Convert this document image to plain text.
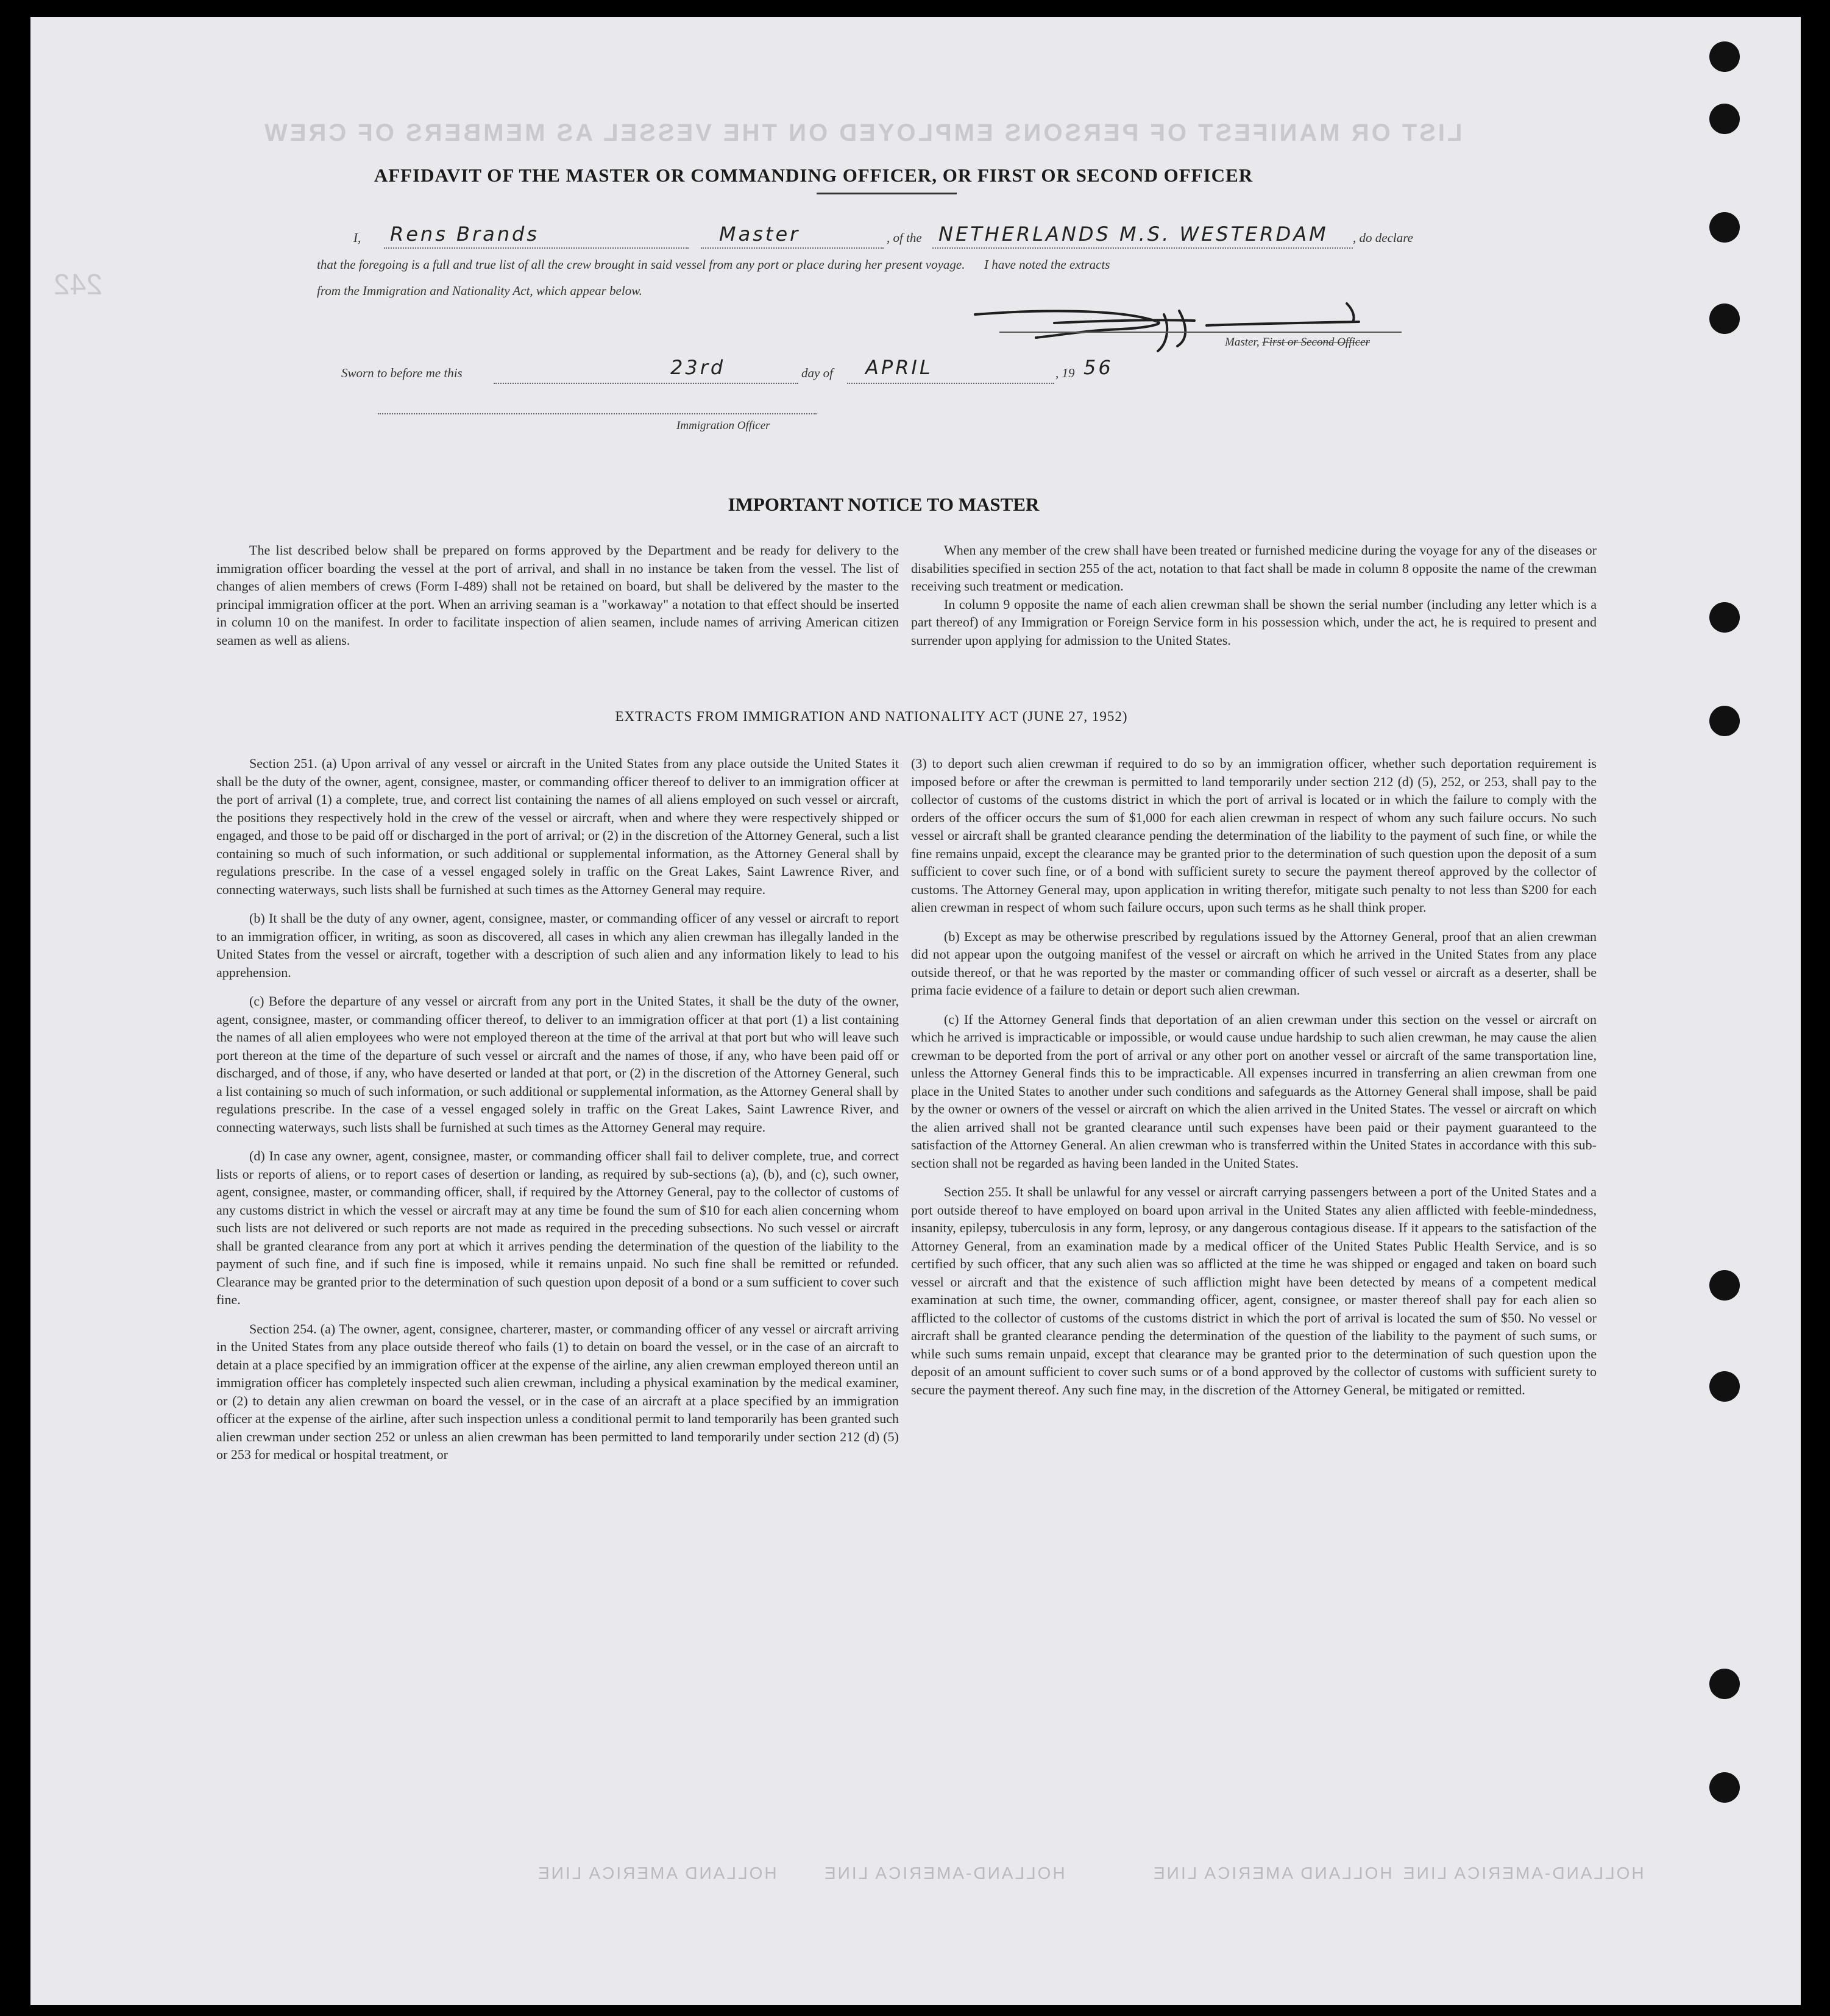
LIST OR MANIFEST OF PERSONS EMPLOYED ON THE VESSEL AS MEMBERS OF CREW
242
AFFIDAVIT OF THE MASTER OR COMMANDING OFFICER, OR FIRST OR SECOND OFFICER
I, Rens Brands	Master	, of the NETHERLANDS M.S. WESTERDAM , do declare
that the foregoing is a full and true list of all the crew brought in said vessel from any port or place during her present voyage.      I have noted the extracts
from the Immigration and Nationality Act, which appear below.
Master, First or Second Officer
Sworn to before me this	23rd	day of APRIL	, 19 56
Immigration Officer
IMPORTANT NOTICE TO MASTER

The list described below shall be prepared on forms approved by the Department and be ready for delivery to the immigration officer boarding the vessel at the port of arrival, and shall in no instance be taken from the vessel. The list of changes of alien members of crews (Form I-489) shall not be retained on board, but shall be delivered by the master to the principal immigration officer at the port. When an arriving seaman is a "workaway" a notation to that effect should be inserted in column 10 on the manifest. In order to facilitate inspection of alien seamen, include names of arriving American citizen seamen as well as aliens.

When any member of the crew shall have been treated or furnished medicine during the voyage for any of the diseases or disabilities specified in section 255 of the act, notation to that fact shall be made in column 8 opposite the name of the crewman receiving such treatment or medication.

In column 9 opposite the name of each alien crewman shall be shown the serial number (including any letter which is a part thereof) of any Immigration or Foreign Service form in his possession which, under the act, he is required to present and surrender upon applying for admission to the United States.

EXTRACTS FROM IMMIGRATION AND NATIONALITY ACT (JUNE 27, 1952)

Section 251. (a) Upon arrival of any vessel or aircraft in the United States from any place outside the United States it shall be the duty of the owner, agent, consignee, master, or commanding officer thereof to deliver to an immigration officer at the port of arrival (1) a complete, true, and correct list containing the names of all aliens employed on such vessel or aircraft, the positions they respectively hold in the crew of the vessel or aircraft, when and where they were respectively shipped or engaged, and those to be paid off or discharged in the port of arrival; or (2) in the discretion of the Attorney General, such a list containing so much of such information, or such additional or supplemental information, as the Attorney General shall by regulations prescribe. In the case of a vessel engaged solely in traffic on the Great Lakes, Saint Lawrence River, and connecting waterways, such lists shall be furnished at such times as the Attorney General may require.

(b) It shall be the duty of any owner, agent, consignee, master, or commanding officer of any vessel or aircraft to report to an immigration officer, in writing, as soon as discovered, all cases in which any alien crewman has illegally landed in the United States from the vessel or aircraft, together with a description of such alien and any information likely to lead to his apprehension.

(c) Before the departure of any vessel or aircraft from any port in the United States, it shall be the duty of the owner, agent, consignee, master, or commanding officer thereof, to deliver to an immigration officer at that port (1) a list containing the names of all alien employees who were not employed thereon at the time of the arrival at that port but who will leave such port thereon at the time of the departure of such vessel or aircraft and the names of those, if any, who have been paid off or discharged, and of those, if any, who have deserted or landed at that port, or (2) in the discretion of the Attorney General, such a list containing so much of such information, or such additional or supplemental information, as the Attorney General shall by regulations prescribe. In the case of a vessel engaged solely in traffic on the Great Lakes, Saint Lawrence River, and connecting waterways, such lists shall be furnished at such times as the Attorney General may require.

(d) In case any owner, agent, consignee, master, or commanding officer shall fail to deliver complete, true, and correct lists or reports of aliens, or to report cases of desertion or landing, as required by sub-sections (a), (b), and (c), such owner, agent, consignee, master, or commanding officer, shall, if required by the Attorney General, pay to the collector of customs of any customs district in which the vessel or aircraft may at any time be found the sum of $10 for each alien concerning whom such lists are not delivered or such reports are not made as required in the preceding subsections. No such vessel or aircraft shall be granted clearance from any port at which it arrives pending the determination of the question of the liability to the payment of such fine, and if such fine is imposed, while it remains unpaid. No such fine shall be remitted or refunded. Clearance may be granted prior to the determination of such question upon deposit of a bond or a sum sufficient to cover such fine.

Section 254. (a) The owner, agent, consignee, charterer, master, or commanding officer of any vessel or aircraft arriving in the United States from any place outside thereof who fails (1) to detain on board the vessel, or in the case of an aircraft to detain at a place specified by an immigration officer at the expense of the airline, any alien crewman employed thereon until an immigration officer has completely inspected such alien crewman, including a physical examination by the medical examiner, or (2) to detain any alien crewman on board the vessel, or in the case of an aircraft at a place specified by an immigration officer at the expense of the airline, after such inspection unless a conditional permit to land temporarily has been granted such alien crewman under section 252 or unless an alien crewman has been permitted to land temporarily under section 212 (d) (5) or 253 for medical or hospital treatment, or

(3) to deport such alien crewman if required to do so by an immigration officer, whether such deportation requirement is imposed before or after the crewman is permitted to land temporarily under section 212 (d) (5), 252, or 253, shall pay to the collector of customs of the customs district in which the port of arrival is located or in which the failure to comply with the orders of the officer occurs the sum of $1,000 for each alien crewman in respect of whom any such failure occurs. No such vessel or aircraft shall be granted clearance pending the determination of the liability to the payment of such fine, or while the fine remains unpaid, except the clearance may be granted prior to the determination of such question upon the deposit of a sum sufficient to cover such fine, or of a bond with sufficient surety to secure the payment thereof approved by the collector of customs. The Attorney General may, upon application in writing therefor, mitigate such penalty to not less than $200 for each alien crewman in respect of whom such failure occurs, upon such terms as he shall think proper.

(b) Except as may be otherwise prescribed by regulations issued by the Attorney General, proof that an alien crewman did not appear upon the outgoing manifest of the vessel or aircraft on which he arrived in the United States from any place outside thereof, or that he was reported by the master or commanding officer of such vessel or aircraft as a deserter, shall be prima facie evidence of a failure to detain or deport such alien crewman.

(c) If the Attorney General finds that deportation of an alien crewman under this section on the vessel or aircraft on which he arrived is impracticable or impossible, or would cause undue hardship to such alien crewman, he may cause the alien crewman to be deported from the port of arrival or any other port on another vessel or aircraft of the same transportation line, unless the Attorney General finds this to be impracticable. All expenses incurred in transferring an alien crewman from one place in the United States to another under such conditions and safeguards as the Attorney General shall impose, shall be paid by the owner or owners of the vessel or aircraft on which the alien arrived in the United States. The vessel or aircraft on which the alien arrived shall not be granted clearance until such expenses have been paid or their payment guaranteed to the satisfaction of the Attorney General. An alien crewman who is transferred within the United States in accordance with this sub-section shall not be regarded as having been landed in the United States.

Section 255. It shall be unlawful for any vessel or aircraft carrying passengers between a port of the United States and a port outside thereof to have employed on board upon arrival in the United States any alien afflicted with feeble-mindedness, insanity, epilepsy, tuberculosis in any form, leprosy, or any dangerous contagious disease. If it appears to the satisfaction of the Attorney General, from an examination made by a medical officer of the United States Public Health Service, and is so certified by such officer, that any such alien was so afflicted at the time he was shipped or engaged and taken on board such vessel or aircraft and that the existence of such affliction might have been detected by means of a competent medical examination at such time, the owner, commanding officer, agent, consignee, or master thereof shall pay for each alien so afflicted to the collector of customs of the customs district in which the port of arrival is located the sum of $50. No vessel or aircraft shall be granted clearance pending the determination of the question of the liability to the payment of such sums, or while such sums remain unpaid, except that clearance may be granted prior to the determination of such question upon the deposit of an amount sufficient to cover such sums or of a bond approved by the collector of customs with sufficient surety to secure the payment thereof. Any such fine may, in the discretion of the Attorney General, be mitigated or remitted.

HOLLAND AMERICA LINE	HOLLAND-AMERICA LINE	HOLLAND AMERICA LINE HOLLAND-AMERICA LINE
